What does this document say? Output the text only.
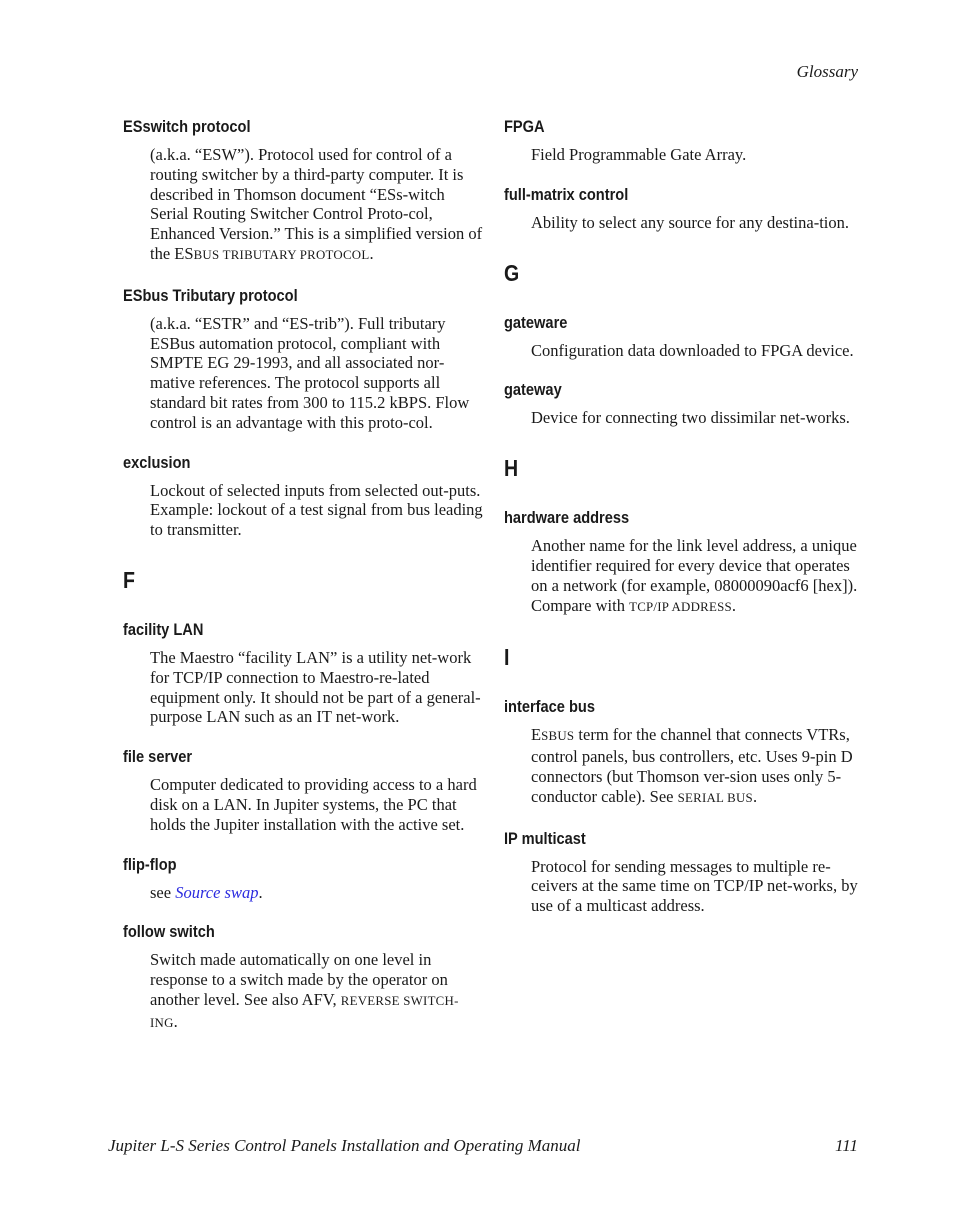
Glossary
ESswitch protocol

(a.k.a. “ESW”). Protocol used for control of a routing switcher by a third-party computer. It is described in Thomson document “ESs-witch Serial Routing Switcher Control Proto-col, Enhanced Version.” This is a simplified version of the ESBUS TRIBUTARY PROTOCOL.

ESbus Tributary protocol

(a.k.a. “ESTR” and “ES-trib”). Full tributary ESBus automation protocol, compliant with SMPTE EG 29-1993, and all associated nor-mative references. The protocol supports all standard bit rates from 300 to 115.2 kBPS. Flow control is an advantage with this proto-col.

exclusion

Lockout of selected inputs from selected out-puts. Example: lockout of a test signal from bus leading to transmitter.

F
facility LAN

The Maestro “facility LAN” is a utility net-work for TCP/IP connection to Maestro-re-lated equipment only. It should not be part of a general-purpose LAN such as an IT net-work.

file server

Computer dedicated to providing access to a hard disk on a LAN. In Jupiter systems, the PC that holds the Jupiter installation with the active set.

flip-flop

see Source swap.

follow switch

Switch made automatically on one level in response to a switch made by the operator on another level. See also AFV, REVERSE SWITCH-ING.

FPGA

Field Programmable Gate Array.

full-matrix control

Ability to select any source for any destina-tion.

G
gateware

Configuration data downloaded to FPGA device.

gateway

Device for connecting two dissimilar net-works.

H
hardware address

Another name for the link level address, a unique identifier required for every device that operates on a network (for example, 08000090acf6 [hex]). Compare with TCP/IP ADDRESS.

I
interface bus

ESBUS term for the channel that connects VTRs, control panels, bus controllers, etc. Uses 9-pin D connectors (but Thomson ver-sion uses only 5-conductor cable). See SERIAL BUS.

IP multicast

Protocol for sending messages to multiple re-ceivers at the same time on TCP/IP net-works, by use of a multicast address.

Jupiter L-S Series Control Panels Installation and Operating Manual	111
